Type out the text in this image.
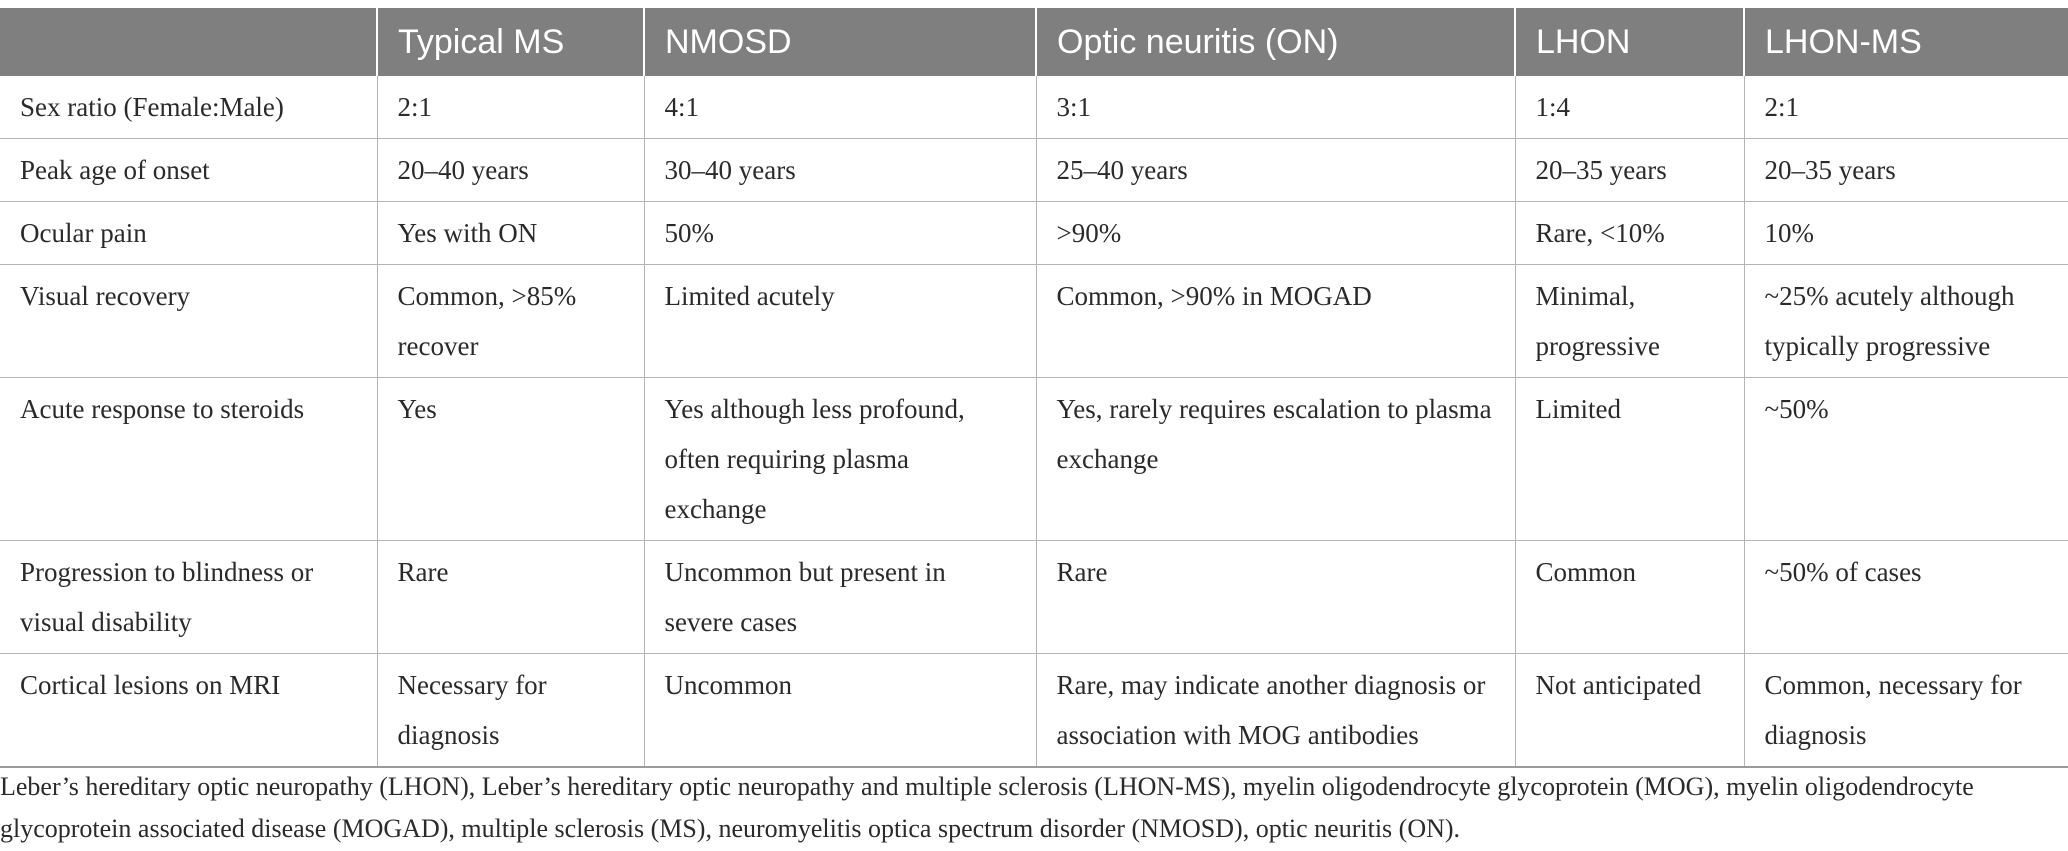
	Typical MS	NMOSD	Optic neuritis (ON)	LHON	LHON-MS
Sex ratio (Female:Male)	2:1	4:1	3:1	1:4	2:1
Peak age of onset	20–40 years	30–40 years	25–40 years	20–35 years	20–35 years
Ocular pain	Yes with ON	50%	>90%	Rare, <10%	10%
Visual recovery	Common, >85% recover	Limited acutely	Common, >90% in MOGAD	Minimal, progressive	~25% acutely although typically progressive
Acute response to steroids	Yes	Yes although less profound, often requiring plasma exchange	Yes, rarely requires escalation to plasma exchange	Limited	~50%
Progression to blindness or visual disability	Rare	Uncommon but present in severe cases	Rare	Common	~50% of cases
Cortical lesions on MRI	Necessary for diagnosis	Uncommon	Rare, may indicate another diagnosis or association with MOG antibodies	Not anticipated	Common, necessary for diagnosis
Leber’s hereditary optic neuropathy (LHON), Leber’s hereditary optic neuropathy and multiple sclerosis (LHON-MS), myelin oligodendrocyte glycoprotein (MOG), myelin oligodendrocyte glycoprotein associated disease (MOGAD), multiple sclerosis (MS), neuromyelitis optica spectrum disorder (NMOSD), optic neuritis (ON).
